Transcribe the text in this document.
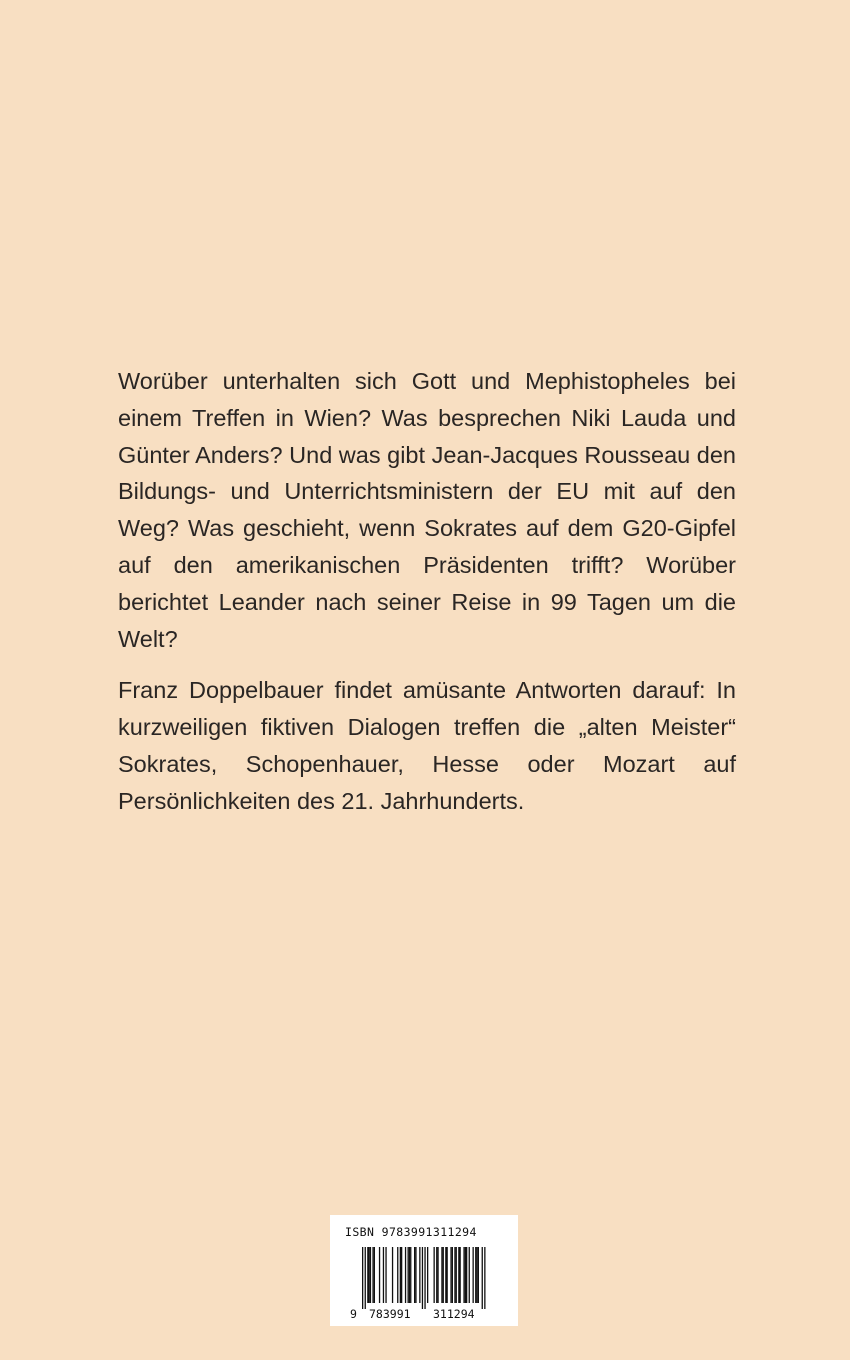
Worüber unterhalten sich Gott und Mephistopheles bei einem Treffen in Wien? Was besprechen Niki Lauda und Günter Anders? Und was gibt Jean-Jacques Rousseau den Bildungs- und Unterrichtsministern der EU mit auf den Weg? Was geschieht, wenn Sokrates auf dem G20-Gipfel auf den amerikanischen Präsidenten trifft? Worüber berichtet Leander nach seiner Reise in 99 Tagen um die Welt?

Franz Doppelbauer findet amüsante Antworten darauf: In kurzweiligen fiktiven Dialogen treffen die „alten Meister“ Sokrates, Schopenhauer, Hesse oder Mozart auf Persönlichkeiten des 21. Jahrhunderts.

ISBN 9783991311294
9 783991 311294
